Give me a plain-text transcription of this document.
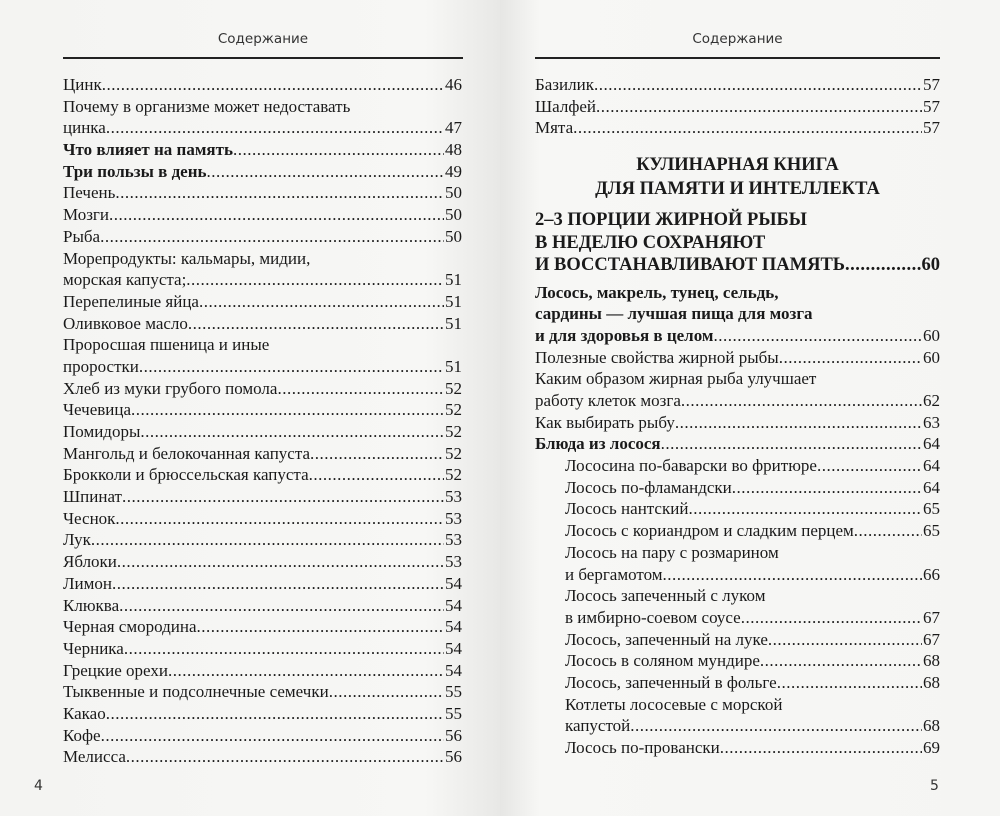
Содержание
Цинк .....	46
Почему в организме может недоставать
цинка .....	47
Что влияет на память .....	48
Три пользы в день .....	49
Печень .....	50
Мозги .....	50
Рыба .....	50
Морепродукты: кальмары, мидии,
морская капуста; .....	51
Перепелиные яйца .....	51
Оливковое масло .....	51
Проросшая пшеница и иные
проростки .....	51
Хлеб из муки грубого помола .....	52
Чечевица .....	52
Помидоры .....	52
Мангольд и белокочанная капуста .....	52
Брокколи и брюссельская капуста .....	52
Шпинат .....	53
Чеснок .....	53
Лук .....	53
Яблоки .....	53
Лимон .....	54
Клюква .....	54
Черная смородина .....	54
Черника .....	54
Грецкие орехи .....	54
Тыквенные и подсолнечные семечки .....	55
Какао .....	55
Кофе .....	56
Мелисса .....	56
4
Содержание
Базилик .....	57
Шалфей .....	57
Мята .....	57
КУЛИНАРНАЯ КНИГА
ДЛЯ ПАМЯТИ И ИНТЕЛЛЕКТА
2–3 ПОРЦИИ ЖИРНОЙ РЫБЫ
В НЕДЕЛЮ СОХРАНЯЮТ
И ВОССТАНАВЛИВАЮТ ПАМЯТЬ .....	60
Лосось, макрель, тунец, сельдь,
сардины — лучшая пища для мозга
и для здоровья в целом .....	60
Полезные свойства жирной рыбы .....	60
Каким образом жирная рыба улучшает
работу клеток мозга .....	62
Как выбирать рыбу .....	63
Блюда из лосося .....	64
Лососина по-баварски во фритюре .....	64
Лосось по-фламандски .....	64
Лосось нантский .....	65
Лосось с кориандром и сладким перцем .....	65
Лосось на пару с розмарином
и бергамотом .....	66
Лосось запеченный с луком
в имбирно-соевом соусе .....	67
Лосось, запеченный на луке .....	67
Лосось в соляном мундире .....	68
Лосось, запеченный в фольге .....	68
Котлеты лососевые с морской
капустой .....	68
Лосось по-провански .....	69
5
